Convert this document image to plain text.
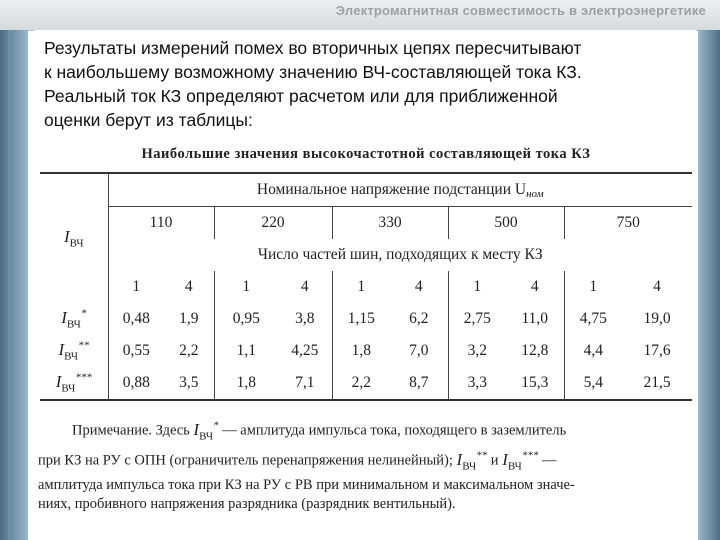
Электромагнитная совместимость в электроэнергетике
Результаты измерений помех во вторичных цепях пересчитывают
к наибольшему возможному значению ВЧ-составляющей тока КЗ.
Реальный ток КЗ определяют расчетом или для приближенной
оценки берут из таблицы:
Наибольшие значения высокочастотной составляющей тока КЗ
$I_{ВЧ}$	Номинальное напряжение подстанции Uном									
	110		220		330		500		750	
	Число частей шин, подходящих к месту КЗ									
	1	4	1	4	1	4	1	4	1	4
$I_{ВЧ}^*$	0,48	1,9	0,95	3,8	1,15	6,2	2,75	11,0	4,75	19,0
$I_{ВЧ}^{**}$	0,55	2,2	1,1	4,25	1,8	7,0	3,2	12,8	4,4	17,6
$I_{ВЧ}^{***}$	0,88	3,5	1,8	7,1	2,2	8,7	3,3	15,3	5,4	21,5
Примечание. Здесь $I_{ВЧ}^*$ — амплитуда импульса тока, походящего в заземлитель
при КЗ на РУ с ОПН (ограничитель перенапряжения нелинейный); $I_{ВЧ}^{**}$ и $I_{ВЧ}^{***}$ —
амплитуда импульса тока при КЗ на РУ с РВ при минимальном и максимальном значе-
ниях, пробивного напряжения разрядника (разрядник вентильный).
